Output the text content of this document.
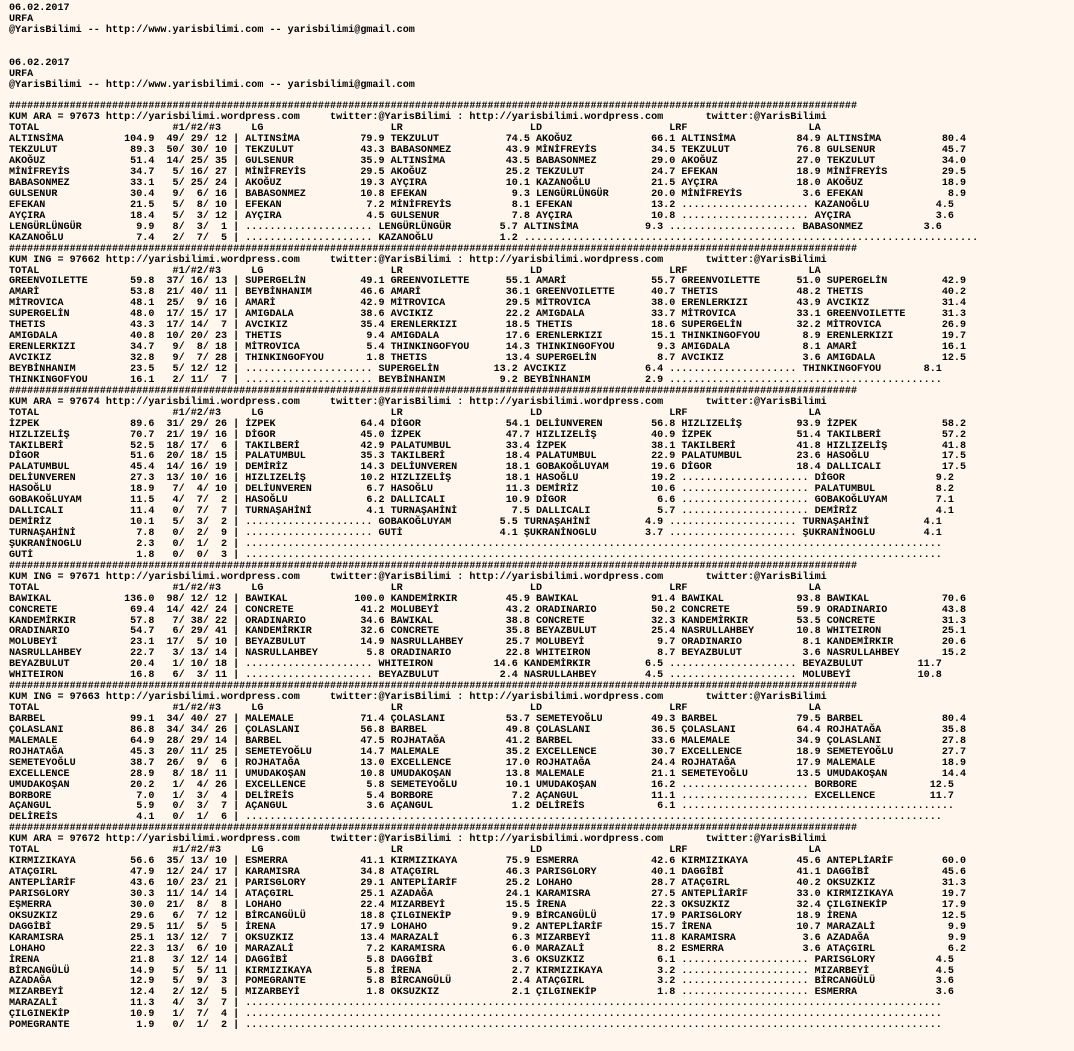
06.02.2017
URFA
@YarisBilimi -- http://www.yarisbilimi.com -- yarisbilimi@gmail.com
06.02.2017
URFA
@YarisBilimi -- http://www.yarisbilimi.com -- yarisbilimi@gmail.com
############################################################################################################################################
KUM ARA = 97673 http://yarisbilimi.wordpress.com     twitter:@YarisBilimi : http://yarisbilimi.wordpress.com       twitter:@YarisBilimi
TOTAL                      #1/#2/#3     LG                     LR                     LD                     LRF                    LA
ALTINSİMA          104.9  49/ 29/ 12 | ALTINSİMA          79.9 TEKZULUT           74.5 AKOĞUZ             66.1 ALTINSİMA          84.9 ALTINSİMA          80.4
TEKZULUT            89.3  50/ 30/ 10 | TEKZULUT           43.3 BABASONMEZ         43.9 MİNİFREYİS         34.5 TEKZULUT           76.8 GULSENUR           45.7
AKOĞUZ              51.4  14/ 25/ 35 | GULSENUR           35.9 ALTINSİMA          43.5 BABASONMEZ         29.0 AKOĞUZ             27.0 TEKZULUT           34.0
MİNİFREYİS          34.7   5/ 16/ 27 | MİNİFREYİS         29.5 AKOĞUZ             25.2 TEKZULUT           24.7 EFEKAN             18.9 MİNİFREYİS         29.5
BABASONMEZ          33.1   5/ 25/ 24 | AKOĞUZ             19.3 AYÇIRA             10.1 KAZANOĞLU          21.5 AYÇIRA             18.0 AKOĞUZ             18.9
GULSENUR            30.4   9/  6/ 16 | BABASONMEZ         10.8 EFEKAN              9.3 LENGÜRLÜNGÜR       20.0 MİNİFREYİS          3.6 EFEKAN              8.9
EFEKAN              21.5   5/  8/ 10 | EFEKAN              7.2 MİNİFREYİS          8.1 EFEKAN             13.2 ..................... KAZANOĞLU           4.5
AYÇIRA              18.4   5/  3/ 12 | AYÇIRA              4.5 GULSENUR            7.8 AYÇIRA             10.8 ..................... AYÇIRA              3.6
LENGÜRLÜNGÜR         9.9   8/  3/  1 | ..................... LENGÜRLÜNGÜR        5.7 ALTINSİMA           9.3 ..................... BABASONMEZ          3.6
KAZANOĞLU            7.4   2/  7/  5 | ..................... KAZANOĞLU           1.2 ...........................................................................
############################################################################################################################################
KUM ING = 97662 http://yarisbilimi.wordpress.com     twitter:@YarisBilimi : http://yarisbilimi.wordpress.com       twitter:@YarisBilimi
TOTAL                      #1/#2/#3     LG                     LR                     LD                     LRF                    LA
GREENVOILETTE       59.8  37/ 16/ 13 | SUPERGELİN         49.1 GREENVOILETTE      55.1 AMARİ              55.7 GREENVOILETTE      51.0 SUPERGELİN         42.9
AMARİ               53.8  21/ 40/ 11 | BEYBİNHANIM        46.6 AMARİ              36.1 GREENVOILETTE      40.7 THETIS             48.2 THETIS             40.2
MİTROVICA           48.1  25/  9/ 16 | AMARİ              42.9 MİTROVICA          29.5 MİTROVICA          38.0 ERENLERKIZI        43.9 AVCIKIZ            31.4
SUPERGELİN          48.0  17/ 15/ 17 | AMIGDALA           38.6 AVCIKIZ            22.2 AMIGDALA           33.7 MİTROVICA          33.1 GREENVOILETTE      31.3
THETIS              43.3  17/ 14/  7 | AVCIKIZ            35.4 ERENLERKIZI        18.5 THETIS             18.6 SUPERGELİN         32.2 MİTROVICA          26.9
AMIGDALA            40.8  10/ 20/ 23 | THETIS              9.4 AMIGDALA           17.6 ERENLERKIZI        15.1 THINKINGOFYOU       8.9 ERENLERKIZI        19.7
ERENLERKIZI         34.7   9/  8/ 18 | MİTROVICA           5.4 THINKINGOFYOU      14.3 THINKINGOFYOU       9.3 AMIGDALA            8.1 AMARİ              16.1
AVCIKIZ             32.8   9/  7/ 28 | THINKINGOFYOU       1.8 THETIS             13.4 SUPERGELİN          8.7 AVCIKIZ             3.6 AMIGDALA           12.5
BEYBİNHANIM         23.5   5/ 12/ 12 | ..................... SUPERGELİN         13.2 AVCIKIZ             6.4 ..................... THINKINGOFYOU       8.1
THINKINGOFYOU       16.1   2/ 11/  7 | ..................... BEYBİNHANIM         9.2 BEYBİNHANIM         2.9 .............................................
############################################################################################################################################
KUM ARA = 97674 http://yarisbilimi.wordpress.com     twitter:@YarisBilimi : http://yarisbilimi.wordpress.com       twitter:@YarisBilimi
TOTAL                      #1/#2/#3     LG                     LR                     LD                     LRF                    LA
İZPEK               89.6  31/ 29/ 26 | İZPEK              64.4 DİGOR              54.1 DELİUNVEREN        56.8 HIZLIZELİŞ         93.9 İZPEK              58.2
HIZLIZELİŞ          70.7  21/ 19/ 16 | DİGOR              45.0 İZPEK              47.7 HIZLIZELİŞ         40.9 İZPEK              51.4 TAKILBERİ          57.2
TAKILBERİ           52.5  18/ 17/  6 | TAKILBERİ          42.9 PALATUMBUL         33.4 İZPEK              38.1 TAKILBERİ          41.8 HIZLIZELİŞ         41.8
DİGOR               51.6  20/ 18/ 15 | PALATUMBUL         35.3 TAKILBERİ          18.4 PALATUMBUL         22.9 PALATUMBUL         23.6 HASOĞLU            17.5
PALATUMBUL          45.4  14/ 16/ 19 | DEMİRİZ            14.3 DELİUNVEREN        18.1 GOBAKOĞLUYAM       19.6 DİGOR              18.4 DALLICALI          17.5
DELİUNVEREN         27.3  13/ 10/ 16 | HIZLIZELİŞ         10.2 HIZLIZELİŞ         18.1 HASOĞLU            19.2 ..................... DİGOR               9.2
HASOĞLU             18.9   7/  4/ 10 | DELİUNVEREN         6.7 HASOĞLU            11.3 DEMİRİZ            10.6 ..................... PALATUMBUL          8.2
GOBAKOĞLUYAM        11.5   4/  7/  2 | HASOĞLU             6.2 DALLICALI          10.9 DİGOR               6.6 ..................... GOBAKOĞLUYAM        7.1
DALLICALI           11.4   0/  7/  7 | TURNAŞAHİNİ         4.1 TURNAŞAHİNİ         7.5 DALLICALI           5.7 ..................... DEMİRİZ             4.1
DEMİRİZ             10.1   5/  3/  2 | ..................... GOBAKOĞLUYAM        5.5 TURNAŞAHİNİ         4.9 ..................... TURNAŞAHİNİ         4.1
TURNAŞAHİNİ          7.8   0/  2/  9 | ..................... GUTİ                4.1 ŞUKRANİNOGLU        3.7 ..................... ŞUKRANİNOGLU        4.1
ŞUKRANİNOGLU         2.3   0/  1/  2 | ...................................................................................................................
GUTİ                 1.8   0/  0/  3 | ...................................................................................................................
############################################################################################################################################
KUM ING = 97671 http://yarisbilimi.wordpress.com     twitter:@YarisBilimi : http://yarisbilimi.wordpress.com       twitter:@YarisBilimi
TOTAL                      #1/#2/#3     LG                     LR                     LD                     LRF                    LA
BAWIKAL            136.0  98/ 12/ 12 | BAWIKAL           100.0 KANDEMİRKIR        45.9 BAWIKAL            91.4 BAWIKAL            93.8 BAWIKAL            70.6
CONCRETE            69.4  14/ 42/ 24 | CONCRETE           41.2 MOLUBEYİ           43.2 ORADINARIO         50.2 CONCRETE           59.9 ORADINARIO         43.8
KANDEMİRKIR         57.8   7/ 38/ 22 | ORADINARIO         34.6 BAWIKAL            38.8 CONCRETE           32.3 KANDEMİRKIR        53.5 CONCRETE           31.3
ORADINARIO          54.7   6/ 29/ 41 | KANDEMİRKIR        32.6 CONCRETE           35.8 BEYAZBULUT         25.4 NASRULLAHBEY       10.8 WHITEIRON          25.1
MOLUBEYİ            23.1  17/  5/ 10 | BEYAZBULUT         14.9 NASRULLAHBEY       25.7 MOLUBEYİ            9.7 ORADINARIO          8.1 KANDEMİRKIR        20.6
NASRULLAHBEY        22.7   3/ 13/ 14 | NASRULLAHBEY        5.8 ORADINARIO         22.8 WHITEIRON           8.7 BEYAZBULUT          3.6 NASRULLAHBEY       15.2
BEYAZBULUT          20.4   1/ 10/ 18 | ..................... WHITEIRON          14.6 KANDEMİRKIR         6.5 ..................... BEYAZBULUT         11.7
WHITEIRON           16.8   6/  3/ 11 | ..................... BEYAZBULUT          2.4 NASRULLAHBEY        4.5 ..................... MOLUBEYİ           10.8
############################################################################################################################################
KUM ING = 97663 http://yarisbilimi.wordpress.com     twitter:@YarisBilimi : http://yarisbilimi.wordpress.com       twitter:@YarisBilimi
TOTAL                      #1/#2/#3     LG                     LR                     LD                     LRF                    LA
BARBEL              99.1  34/ 40/ 27 | MALEMALE           71.4 ÇOLASLANI          53.7 SEMETEYOĞLU        49.3 BARBEL             79.5 BARBEL             80.4
ÇOLASLANI           86.8  34/ 34/ 26 | ÇOLASLANI          56.8 BARBEL             49.8 ÇOLASLANI          36.5 ÇOLASLANI          64.4 ROJHATAĞA          35.8
MALEMALE            64.9  28/ 29/ 14 | BARBEL             47.5 ROJHATAĞA          41.2 BARBEL             33.6 MALEMALE           34.9 ÇOLASLANI          27.8
ROJHATAĞA           45.3  20/ 11/ 25 | SEMETEYOĞLU        14.7 MALEMALE           35.2 EXCELLENCE         30.7 EXCELLENCE         18.9 SEMETEYOĞLU        27.7
SEMETEYOĞLU         38.7  26/  9/  6 | ROJHATAĞA          13.0 EXCELLENCE         17.0 ROJHATAĞA          24.4 ROJHATAĞA          17.9 MALEMALE           18.9
EXCELLENCE          28.9   8/ 18/ 11 | UMUDAKOŞAN         10.8 UMUDAKOŞAN         13.8 MALEMALE           21.1 SEMETEYOĞLU        13.5 UMUDAKOŞAN         14.4
UMUDAKOŞAN          20.2   1/  4/ 26 | EXCELLENCE          5.8 SEMETEYOĞLU        10.1 UMUDAKOŞAN         16.2 ..................... BORBORE            12.5
BORBORE              7.0   1/  3/  4 | DELİREİS            5.4 BORBORE             7.2 AÇANGUL            11.1 ..................... EXCELLENCE         11.7
AÇANGUL              5.9   0/  3/  7 | AÇANGUL             3.6 AÇANGUL             1.2 DELİREİS            6.1 .............................................
DELİREİS             4.1   0/  1/  6 | ...................................................................................................................
############################################################################################################################################
KUM ARA = 97672 http://yarisbilimi.wordpress.com     twitter:@YarisBilimi : http://yarisbilimi.wordpress.com       twitter:@YarisBilimi
TOTAL                      #1/#2/#3     LG                     LR                     LD                     LRF                    LA
KIRMIZIKAYA         56.6  35/ 13/ 10 | ESMERRA            41.1 KIRMIZIKAYA        75.9 ESMERRA            42.6 KIRMIZIKAYA        45.6 ANTEPLİARİF        60.0
ATAÇGIRL            47.9  12/ 24/ 17 | KARAMISRA          34.8 ATAÇGIRL           46.3 PARISGLORY         40.1 DAGGİBİ            41.1 DAGGİBİ            45.6
ANTEPLİARİF         43.6  10/ 23/ 21 | PARISGLORY         29.1 ANTEPLİARİF        25.2 LOHAHO             28.7 ATAÇGIRL           40.2 OKSUZKIZ           31.3
PARISGLORY          30.3  11/ 14/ 14 | ATAÇGIRL           25.1 AZADAĞA            24.1 KARAMISRA          27.5 ANTEPLİARİF        33.0 KIRMIZIKAYA        19.7
EŞMERRA             30.0  21/  8/  8 | LOHAHO             22.4 MIZARBEYİ          15.5 İRENA              22.3 OKSUZKIZ           32.4 ÇILGINEKİP         17.9
OKSUZKIZ            29.6   6/  7/ 12 | BİRCANGÜLÜ         18.8 ÇILGINEKİP          9.9 BİRCANGÜLÜ         17.9 PARISGLORY         18.9 İRENA              12.5
DAGGİBİ             29.5  11/  5/  5 | İRENA              17.9 LOHAHO              9.2 ANTEPLİARİF        15.7 İRENA              10.7 MARAZALİ            9.9
KARAMISRA           25.1  13/ 12/  7 | OKSUZKIZ           13.4 MARAZALİ            6.3 MIZARBEYİ          11.8 KARAMISRA           3.6 AZADAĞA             9.9
LOHAHO              22.3  13/  6/ 10 | MARAZALİ            7.2 KARAMISRA           6.0 MARAZALİ            8.2 ESMERRA             3.6 ATAÇGIRL            6.2
İRENA               21.8   3/ 12/ 14 | DAGGİBİ             5.8 DAGGİBİ             3.6 OKSUZKIZ            6.1 ..................... PARISGLORY          4.5
BİRCANGÜLÜ          14.9   5/  5/ 11 | KIRMIZIKAYA         5.8 İRENA               2.7 KIRMIZIKAYA         3.2 ..................... MIZARBEYİ           4.5
AZADAĞA             12.9   5/  9/  3 | POMEGRANTE          5.8 BİRCANGÜLÜ          2.4 ATAÇGIRL            3.2 ..................... BİRCANGÜLÜ          3.6
MIZARBEYİ           12.4   2/ 12/  5 | MIZARBEYİ           1.8 OKSUZKIZ            2.1 ÇILGINEKİP          1.8 ..................... ESMERRA             3.6
MARAZALİ            11.3   4/  3/  7 | ...................................................................................................................
ÇILGINEKİP          10.9   1/  7/  4 | ...................................................................................................................
POMEGRANTE           1.9   0/  1/  2 | ...................................................................................................................
